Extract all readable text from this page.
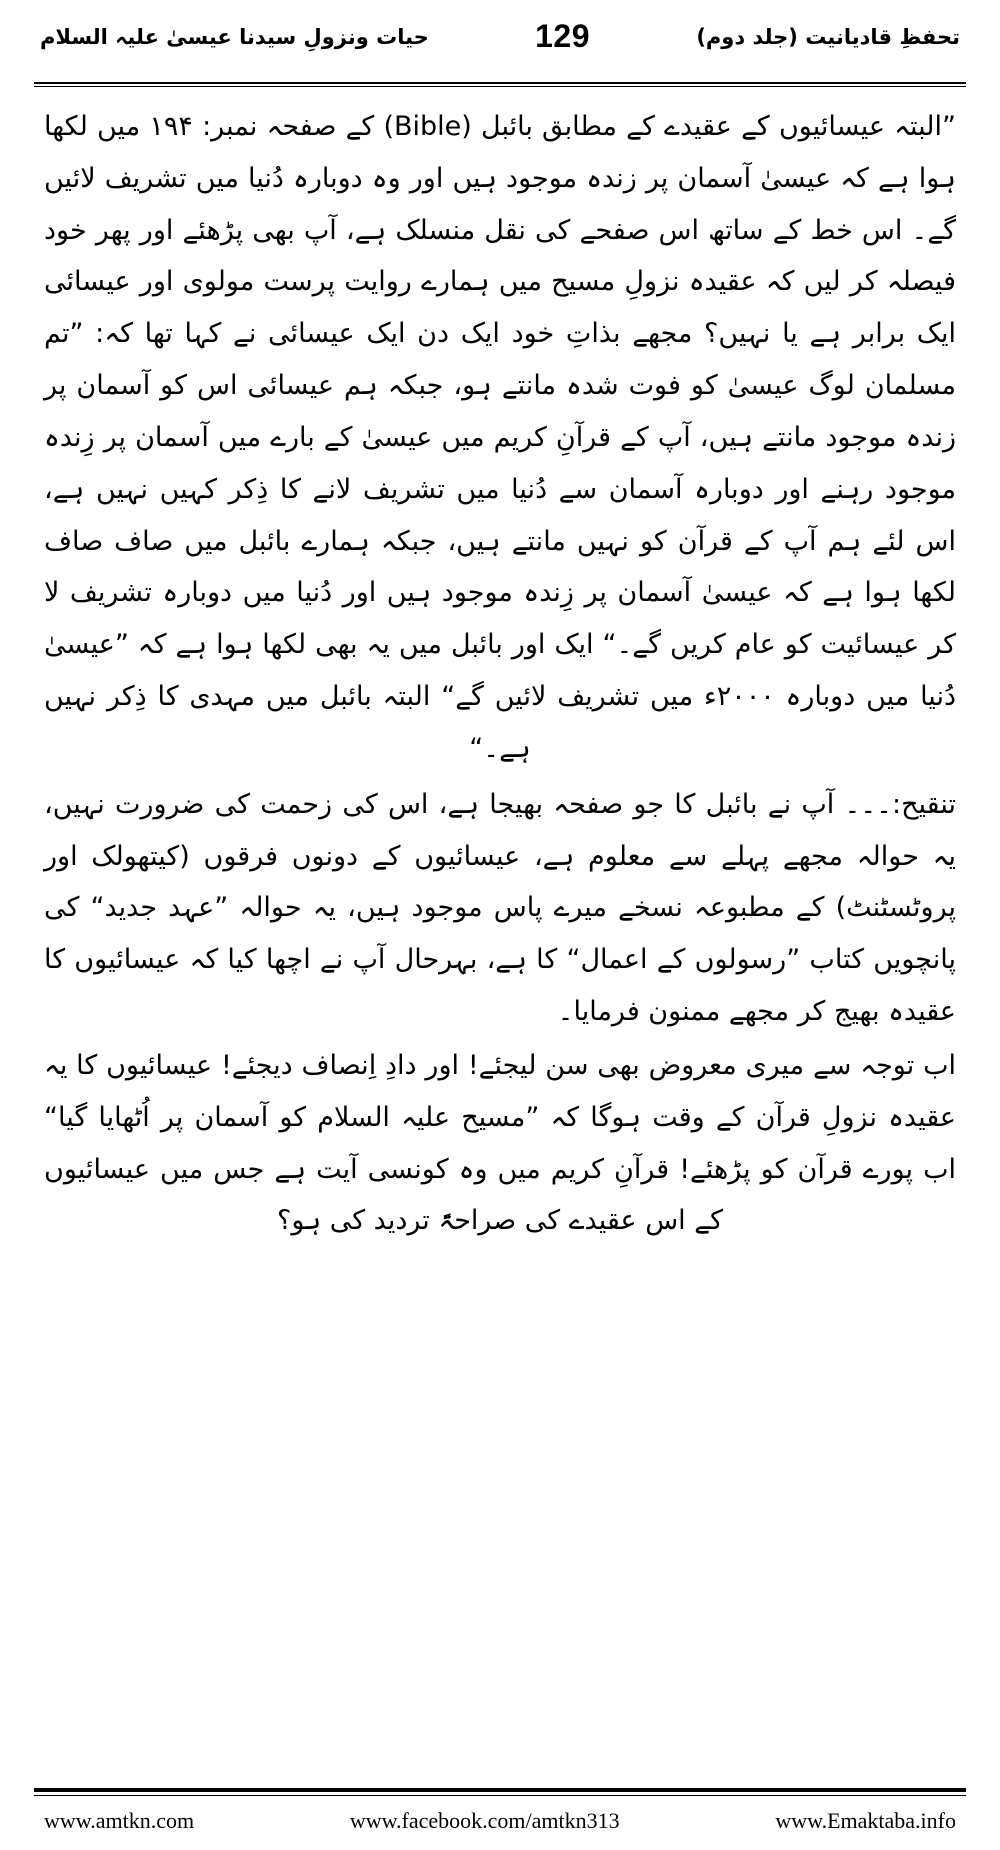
تحفظِ قادیانیت (جلد دوم)
129
حیات ونزولِ سیدنا عیسیٰ علیہ السلام

”البتہ عیسائیوں کے عقیدے کے مطابق بائبل (Bible) کے صفحہ نمبر: ۱۹۴ میں لکھا ہوا ہے کہ عیسیٰ آسمان پر زندہ موجود ہیں اور وہ دوبارہ دُنیا میں تشریف لائیں گے۔ اس خط کے ساتھ اس صفحے کی نقل منسلک ہے، آپ بھی پڑھئے اور پھر خود فیصلہ کر لیں کہ عقیدہ نزولِ مسیح میں ہمارے روایت پرست مولوی اور عیسائی ایک برابر ہے یا نہیں؟ مجھے بذاتِ خود ایک دن ایک عیسائی نے کہا تھا کہ: ”تم مسلمان لوگ عیسیٰ کو فوت شدہ مانتے ہو، جبکہ ہم عیسائی اس کو آسمان پر زندہ موجود مانتے ہیں، آپ کے قرآنِ کریم میں عیسیٰ کے بارے میں آسمان پر زِندہ موجود رہنے اور دوبارہ آسمان سے دُنیا میں تشریف لانے کا ذِکر کہیں نہیں ہے، اس لئے ہم آپ کے قرآن کو نہیں مانتے ہیں، جبکہ ہمارے بائبل میں صاف صاف لکھا ہوا ہے کہ عیسیٰ آسمان پر زِندہ موجود ہیں اور دُنیا میں دوبارہ تشریف لا کر عیسائیت کو عام کریں گے۔“ ایک اور بائبل میں یہ بھی لکھا ہوا ہے کہ ”عیسیٰ دُنیا میں دوبارہ ۲۰۰۰ء میں تشریف لائیں گے“ البتہ بائبل میں مہدی کا ذِکر نہیں ہے۔“

تنقیح:۔۔۔ آپ نے بائبل کا جو صفحہ بھیجا ہے، اس کی زحمت کی ضرورت نہیں، یہ حوالہ مجھے پہلے سے معلوم ہے، عیسائیوں کے دونوں فرقوں (کیتھولک اور پروٹسٹنٹ) کے مطبوعہ نسخے میرے پاس موجود ہیں، یہ حوالہ ”عہد جدید“ کی پانچویں کتاب ”رسولوں کے اعمال“ کا ہے، بہرحال آپ نے اچھا کیا کہ عیسائیوں کا عقیدہ بھیج کر مجھے ممنون فرمایا۔

اب توجہ سے میری معروض بھی سن لیجئے! اور دادِ اِنصاف دیجئے! عیسائیوں کا یہ عقیدہ نزولِ قرآن کے وقت ہوگا کہ ”مسیح علیہ السلام کو آسمان پر اُٹھایا گیا“ اب پورے قرآن کو پڑھئے! قرآنِ کریم میں وہ کونسی آیت ہے جس میں عیسائیوں کے اس عقیدے کی صراحۃً تردید کی ہو؟

www.amtkn.com	www.facebook.com/amtkn313	www.Emaktaba.info
